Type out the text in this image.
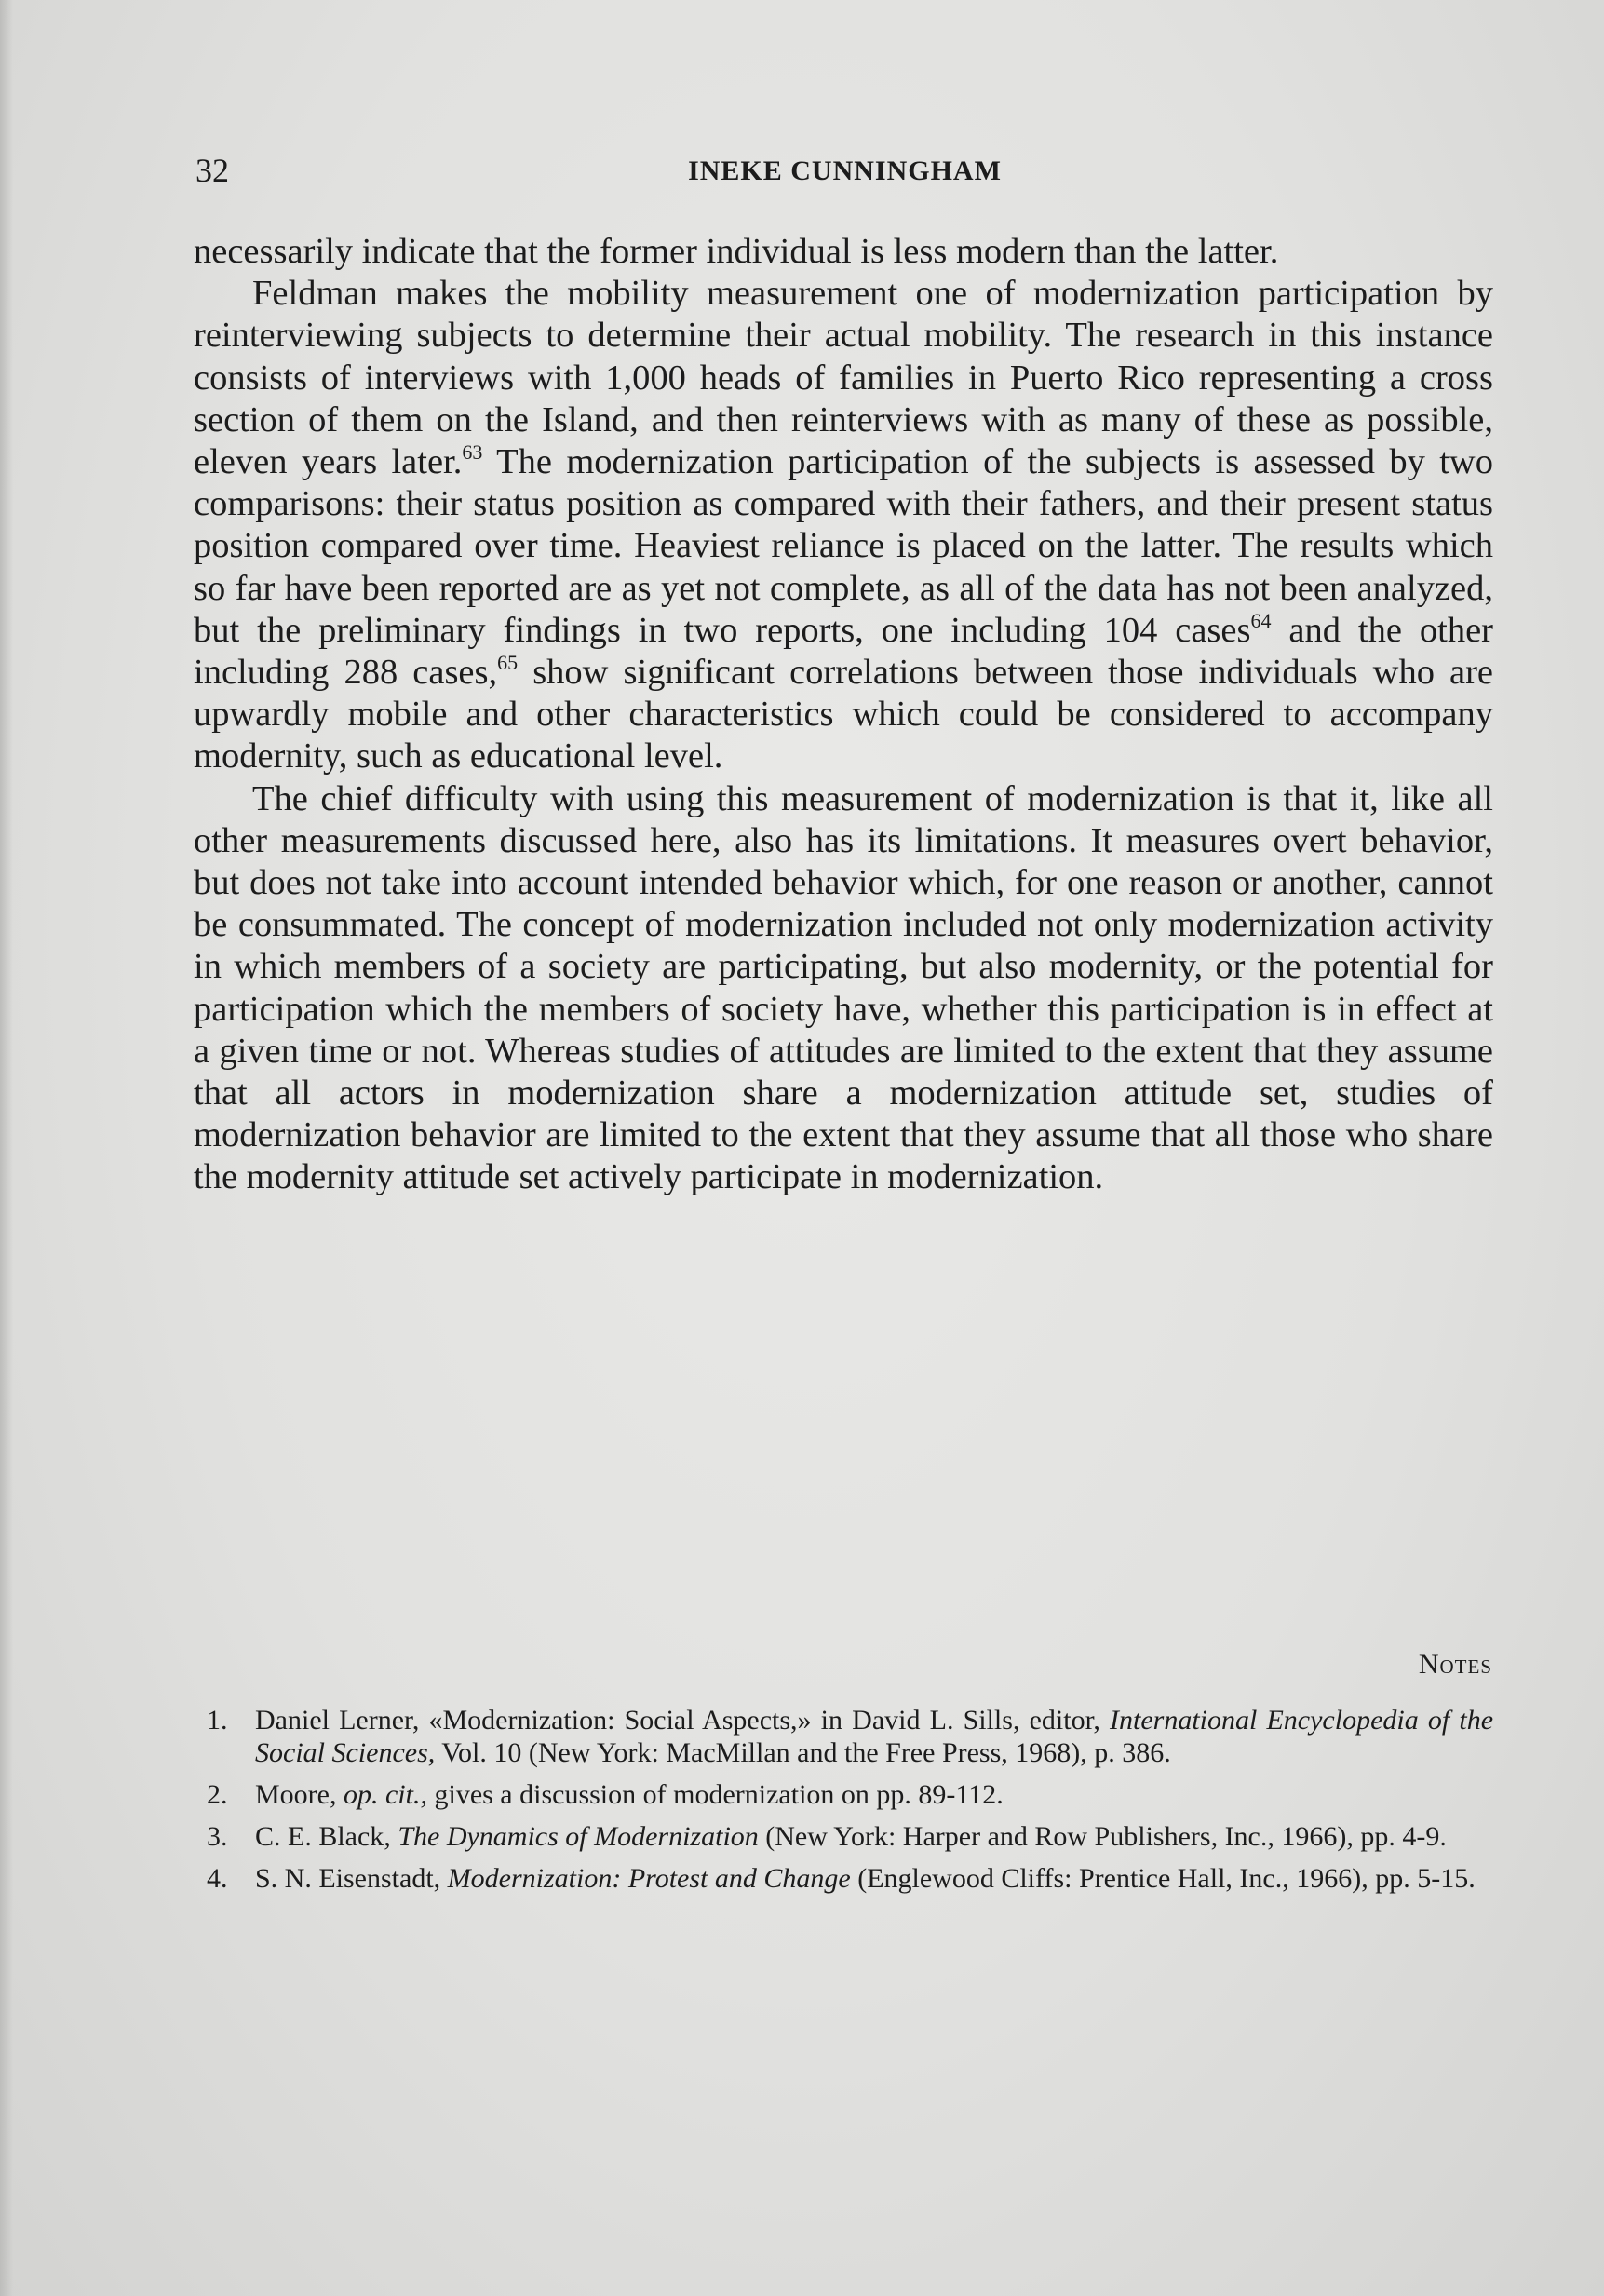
32	INEKE CUNNINGHAM

necessarily indicate that the former individual is less modern than the latter.

Feldman makes the mobility measurement one of modernization participation by reinterviewing subjects to determine their actual mobility. The research in this instance consists of interviews with 1,000 heads of families in Puerto Rico representing a cross section of them on the Island, and then reinterviews with as many of these as possible, eleven years later.$^{63}$ The modernization participation of the subjects is assessed by two comparisons: their status position as compared with their fathers, and their present status position compared over time. Heaviest reliance is placed on the latter. The results which so far have been reported are as yet not complete, as all of the data has not been analyzed, but the preliminary findings in two reports, one including 104 cases$^{64}$ and the other including 288 cases,$^{65}$ show significant correlations between those individuals who are upwardly mobile and other characteristics which could be considered to accompany modernity, such as educational level.

The chief difficulty with using this measurement of modernization is that it, like all other measurements discussed here, also has its limitations. It measures overt behavior, but does not take into account intended behavior which, for one reason or another, cannot be consummated. The concept of modernization included not only modernization activity in which members of a society are participating, but also modernity, or the potential for participation which the members of society have, whether this participation is in effect at a given time or not. Whereas studies of attitudes are limited to the extent that they assume that all actors in modernization share a modernization attitude set, studies of modernization behavior are limited to the extent that they assume that all those who share the modernity attitude set actively participate in modernization.

Notes
1. Daniel Lerner, «Modernization: Social Aspects,» in David L. Sills, editor, International Encyclopedia of the Social Sciences, Vol. 10 (New York: MacMillan and the Free Press, 1968), p. 386.
2. Moore, op. cit., gives a discussion of modernization on pp. 89-112.
3. C. E. Black, The Dynamics of Modernization (New York: Harper and Row Publishers, Inc., 1966), pp. 4-9.
4. S. N. Eisenstadt, Modernization: Protest and Change (Englewood Cliffs: Prentice Hall, Inc., 1966), pp. 5-15.
